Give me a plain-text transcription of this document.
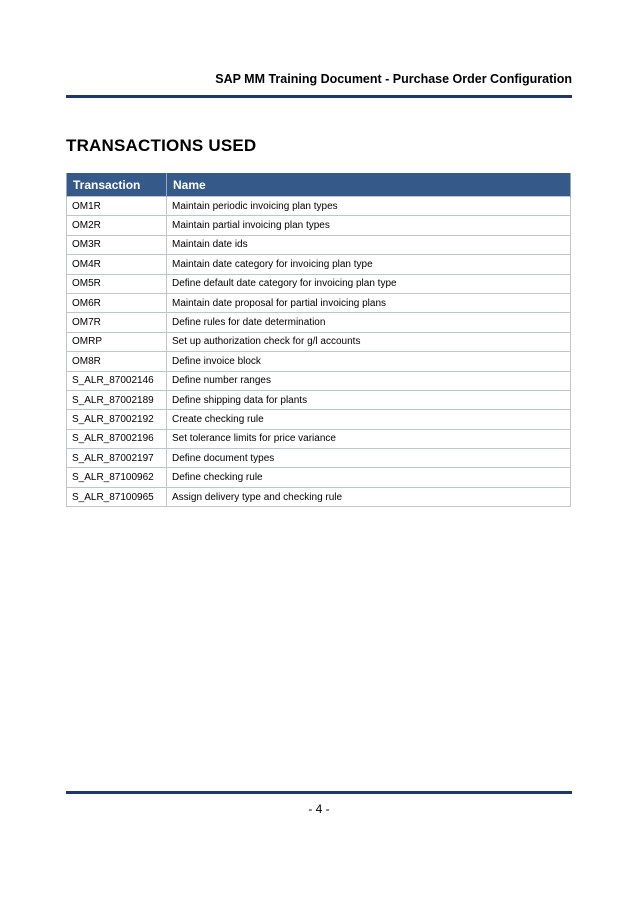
SAP MM Training Document - Purchase Order Configuration
TRANSACTIONS USED
Transaction	Name
OM1R	Maintain periodic invoicing plan types
OM2R	Maintain partial invoicing plan types
OM3R	Maintain date ids
OM4R	Maintain date category for invoicing plan type
OM5R	Define default date category for invoicing plan type
OM6R	Maintain date proposal for partial invoicing plans
OM7R	Define rules for date determination
OMRP	Set up authorization check for g/l accounts
OM8R	Define invoice block
S_ALR_87002146	Define number ranges
S_ALR_87002189	Define shipping data for plants
S_ALR_87002192	Create checking rule
S_ALR_87002196	Set tolerance limits for price variance
S_ALR_87002197	Define document types
S_ALR_87100962	Define checking rule
S_ALR_87100965	Assign delivery type and checking rule
- 4 -
